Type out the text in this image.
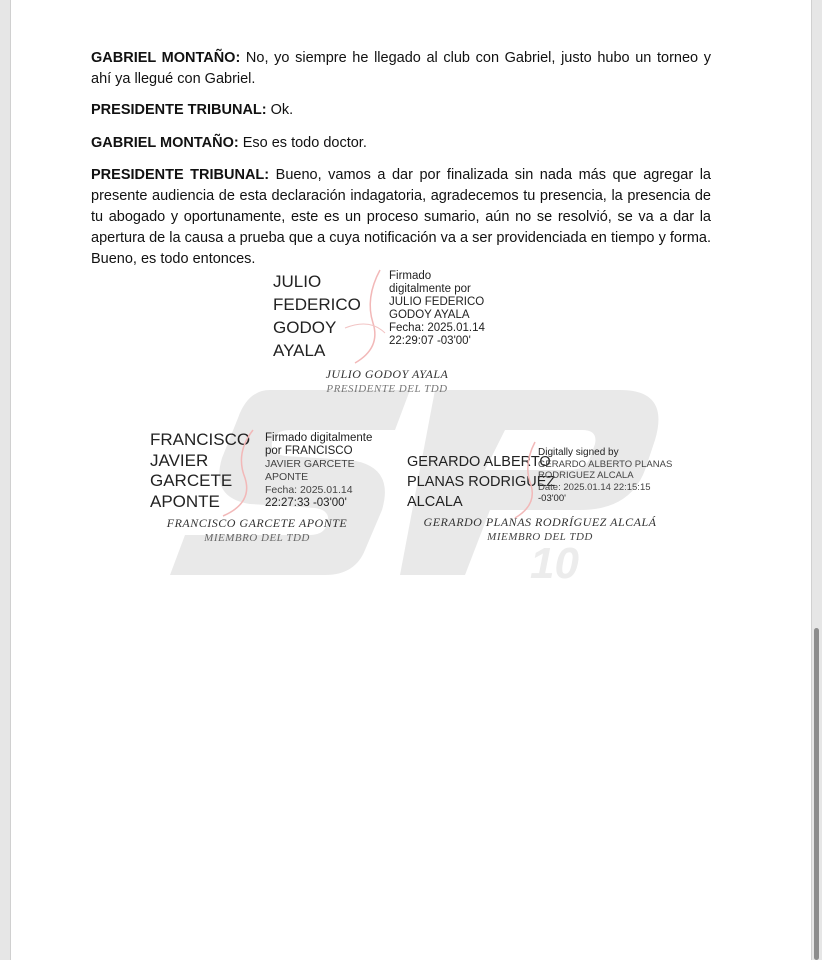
10

GABRIEL MONTAÑO: No, yo siempre he llegado al club con Gabriel, justo hubo un torneo y ahí ya llegué con Gabriel.

PRESIDENTE TRIBUNAL: Ok.

GABRIEL MONTAÑO: Eso es todo doctor.

PRESIDENTE TRIBUNAL: Bueno, vamos a dar por finalizada sin nada más que agregar la presente audiencia de esta declaración indagatoria, agradecemos tu presencia, la presencia de tu abogado y oportunamente, este es un proceso sumario, aún no se resolvió, se va a dar la apertura de la causa a prueba que a cuya notificación va a ser providenciada en tiempo y forma. Bueno, es todo entonces.

JULIO
FEDERICO
GODOY
AYALA
Firmado
digitalmente por
JULIO FEDERICO
GODOY AYALA
Fecha: 2025.01.14
22:29:07 -03'00'
JULIO GODOY AYALA
PRESIDENTE DEL TDD
FRANCISCO
JAVIER
GARCETE
APONTE
Firmado digitalmente
por FRANCISCO
JAVIER GARCETE
APONTE
Fecha: 2025.01.14
22:27:33 -03'00'
FRANCISCO GARCETE APONTE
MIEMBRO DEL TDD
GERARDO ALBERTO
PLANAS RODRIGUEZ
ALCALA
Digitally signed by
GERARDO ALBERTO PLANAS
RODRIGUEZ ALCALA
Date: 2025.01.14 22:15:15
-03'00'
GERARDO PLANAS RODRÍGUEZ ALCALÁ
MIEMBRO DEL TDD
